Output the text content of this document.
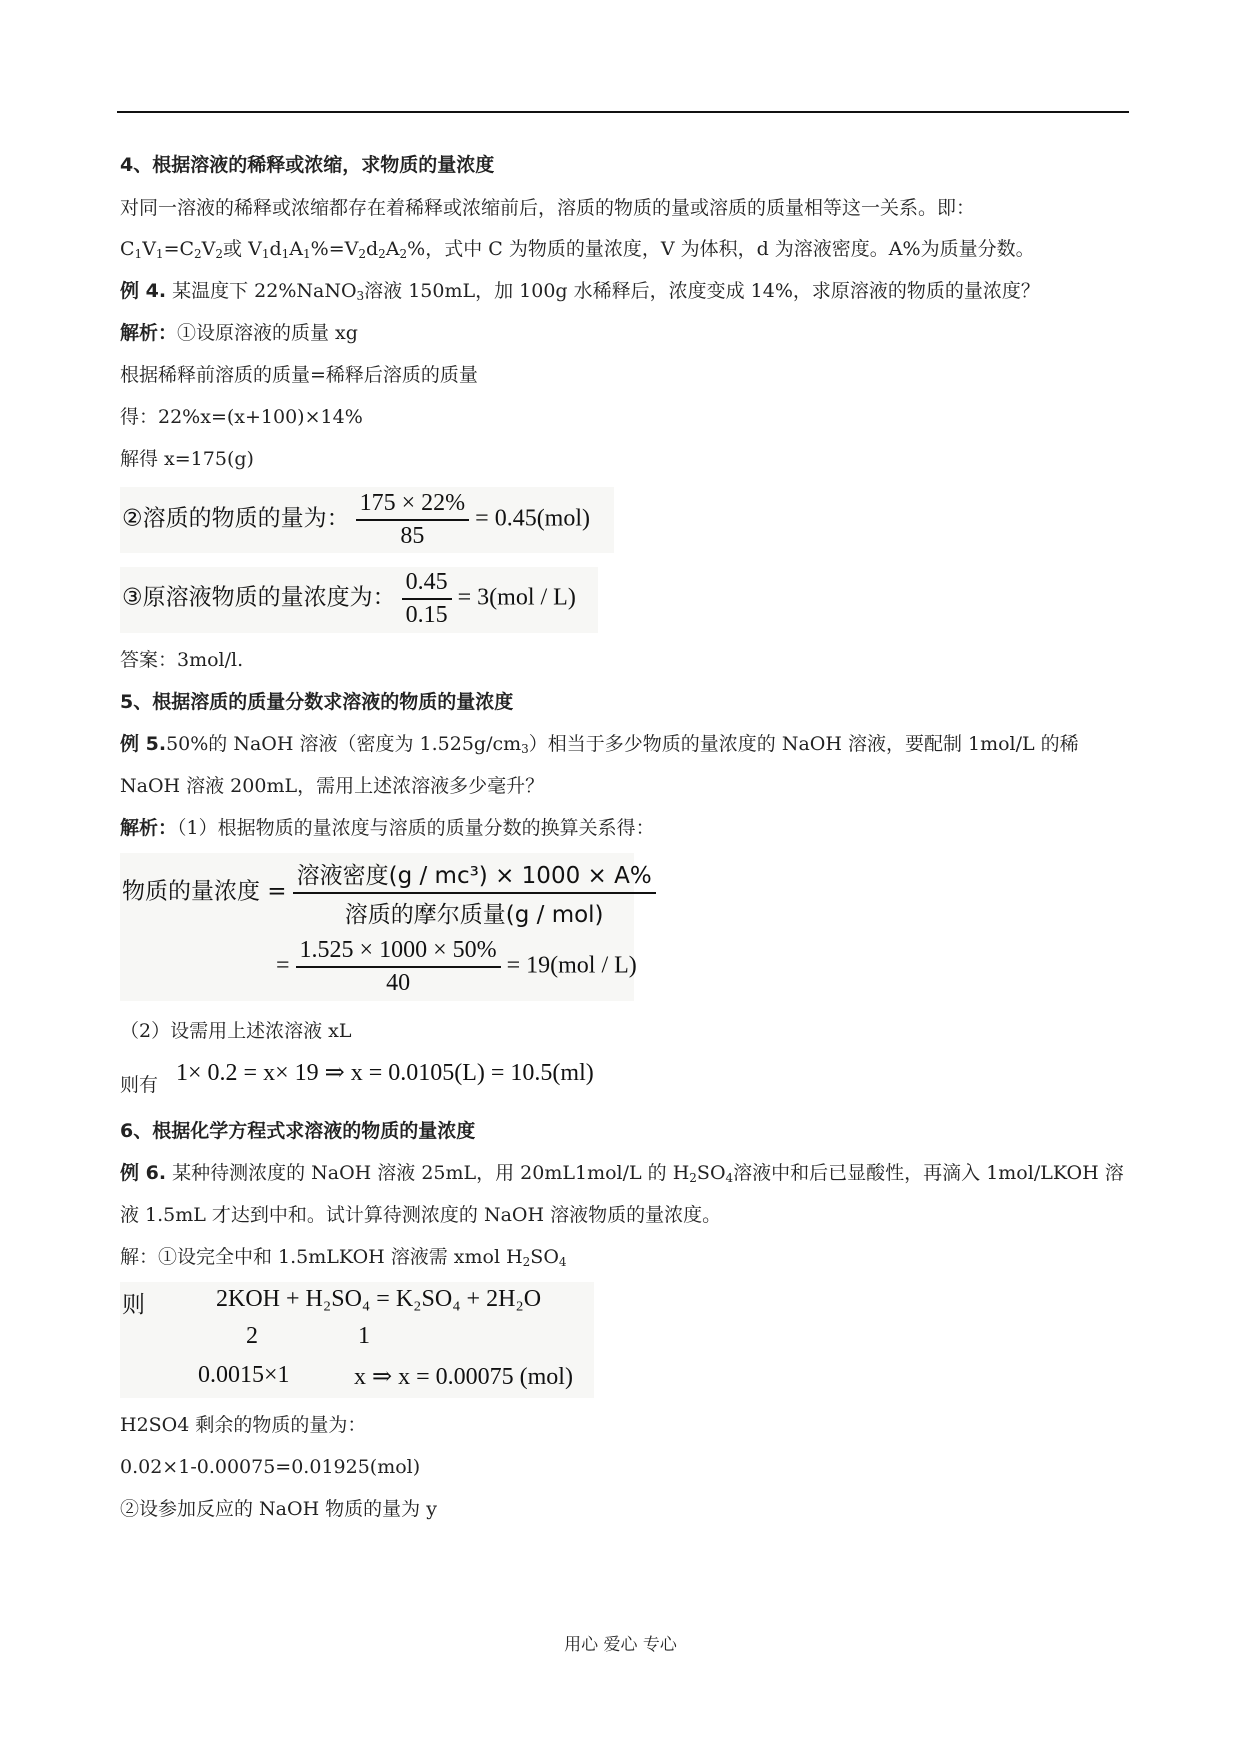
4、根据溶液的稀释或浓缩，求物质的量浓度
对同一溶液的稀释或浓缩都存在着稀释或浓缩前后，溶质的物质的量或溶质的质量相等这一关系。即：
$C_1V_1=C_2V_2$或 $V_1d_1A_1\%=V_2d_2A_2\%$，式中 C 为物质的量浓度，V 为体积，d 为溶液密度。A%为质量分数。
例 4. 某温度下 22%NaNO$_3$溶液 150mL，加 100g 水稀释后，浓度变成 14%，求原溶液的物质的量浓度？
解析：①设原溶液的质量 xg
根据稀释前溶质的质量=稀释后溶质的质量
得：22%x=(x+100)×14%
解得 x=175(g)
②溶质的物质的量为： $\frac{175 \times 22\%}{85} = 0.45(mol)$
③原溶液物质的量浓度为： $\frac{0.45}{0.15} = 3(mol / L)$
答案：3mol/l.
5、根据溶质的质量分数求溶液的物质的量浓度
例 5.50%的 NaOH 溶液（密度为 $1.525g/cm_3$）相当于多少物质的量浓度的 NaOH 溶液，要配制 1mol/L 的稀
NaOH 溶液 200mL，需用上述浓溶液多少毫升？
解析：（1）根据物质的量浓度与溶质的质量分数的换算关系得：
物质的量浓度 = $\frac{\text{溶液密度(g / mc³) × 1000 × A\%}}{\text{溶质的摩尔质量(g / mol)}}$
= $\frac{1.525 \times 1000 \times 50\%}{40} = 19(mol / L)$
（2）设需用上述浓溶液 xL
则有 1× 0.2 = x× 19 ⇒ x = 0.0105(L) = 10.5(ml)
6、根据化学方程式求溶液的物质的量浓度
例 6. 某种待测浓度的 NaOH 溶液 25mL，用 20mL1mol/L 的 $H_2SO_4$溶液中和后已显酸性，再滴入 1mol/LKOH 溶
液 1.5mL 才达到中和。试计算待测浓度的 NaOH 溶液物质的量浓度。
解：①设完全中和 1.5mLKOH 溶液需 xmol $H_2SO_4$
则	2KOH + H₂SO₄ = K₂SO₄ + 2H₂O
2	1
0.0015×1	x ⇒ x = 0.00075 (mol)
H2SO4 剩余的物质的量为：
0.02×1-0.00075=0.01925(mol)
②设参加反应的 NaOH 物质的量为 y
用心 爱心 专心
